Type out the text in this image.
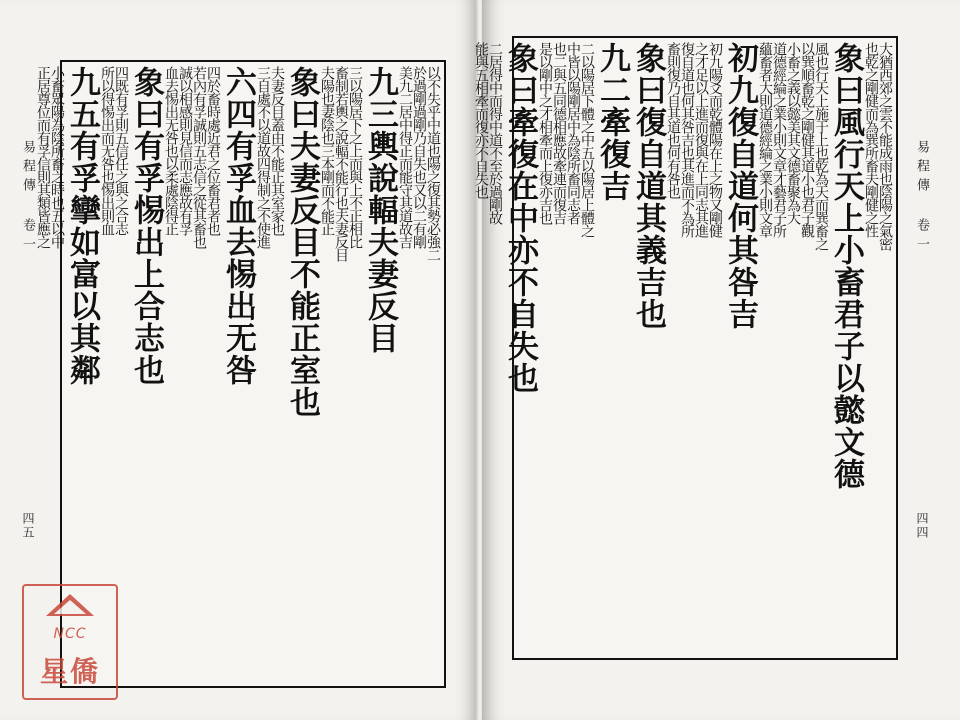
易程傳 卷一
四五
以不失乎中道也陽之復其勢必強二
於過剛過剛乃自失也又以二有剛
美九二居中得正而能守其道故吉
九三輿說輻夫妻反目
三以陽居下之上而與上不正相比
畜制若輿之說輻不能行也夫妻反目
夫陽也妻陰也三本剛而不能正
象曰夫妻反目不能正室也
夫妻反目蓋由不能正其室家也
三自處不以道故四得制之不使進
六四有孚血去惕出无咎
四於畜時處近君之位畜君者也
若內有孚誠則五志信之從其畜也
誠以相感則見信而志應故有孚
血去惕出无咎也以柔處陰得正
象曰有孚惕出上合志也
四既有孚則五信任之與之合志
所以得惕出而无咎也惕出則血
九五有孚攣如富以其鄰
小畜眾陽為陰所畜之時也五以中
正居尊位而有孚信則其類皆應之
NCC
星僑
易程傳 卷一
四四
大猶西郊之雲不能成雨也陰陽之氣密
也乾之剛健而為巽所畜夫剛健之性
象曰風行天上小畜君子以懿文德
風也行天上施于上也乾為天而巽畜之
以巽順畜乾之剛健其道小也君子觀
小畜之義以懿美其文德畜聚為大
道德經綸之業小則文章才藝君子所
蘊畜者大則道德經綸之業小則文章
初九復自道何其咎吉
初九陽爻而乾體陽在上之物又剛健
之才足以上進而復與在上同志其進
復自道也何其咎吉也其進而不為所
畜則復乃自其道也何有咎也
象曰復自道其義吉也
九二牽復吉
二以陽居下體之中五以陽居上體之
中皆以陽剛居中為陰所畜同志者
也二與五同德相應故牽連而復吉
是以剛中之才相牽而上復亦吉也
象曰牽復在中亦不自失也
二居得中而得中道不至於過剛故
能與五相牽而復亦不自失也
